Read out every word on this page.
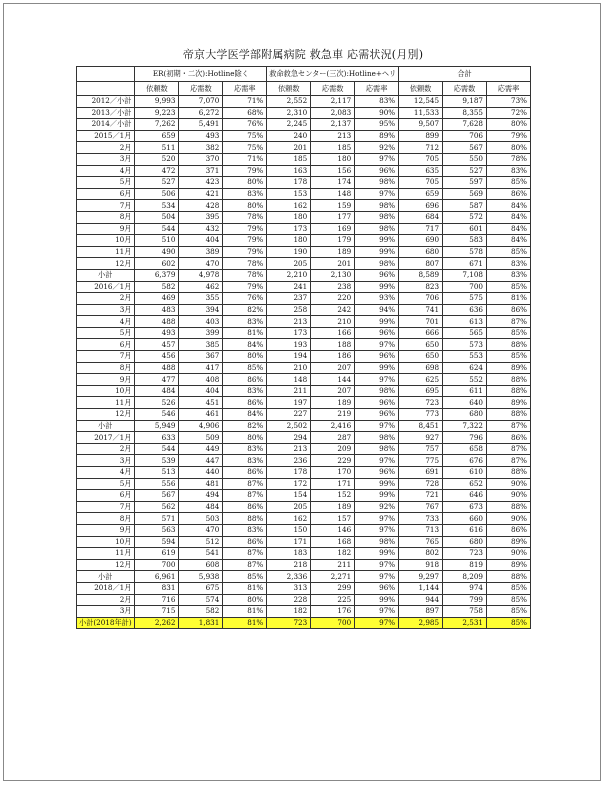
帝京大学医学部附属病院 救急車 応需状況(月別)
	ER(初期・二次):Hotline除く			救命救急センター(三次):Hotline+ヘリ			合計		
	依頼数	応需数	応需率	依頼数	応需数	応需率	依頼数	応需数	応需率
2012／小計	9,993	7,070	71%	2,552	2,117	83%	12,545	9,187	73%
2013／小計	9,223	6,272	68%	2,310	2,083	90%	11,533	8,355	72%
2014／小計	7,262	5,491	76%	2,245	2,137	95%	9,507	7,628	80%
2015／1月	659	493	75%	240	213	89%	899	706	79%
2月	511	382	75%	201	185	92%	712	567	80%
3月	520	370	71%	185	180	97%	705	550	78%
4月	472	371	79%	163	156	96%	635	527	83%
5月	527	423	80%	178	174	98%	705	597	85%
6月	506	421	83%	153	148	97%	659	569	86%
7月	534	428	80%	162	159	98%	696	587	84%
8月	504	395	78%	180	177	98%	684	572	84%
9月	544	432	79%	173	169	98%	717	601	84%
10月	510	404	79%	180	179	99%	690	583	84%
11月	490	389	79%	190	189	99%	680	578	85%
12月	602	470	78%	205	201	98%	807	671	83%
小計	6,379	4,978	78%	2,210	2,130	96%	8,589	7,108	83%
2016／1月	582	462	79%	241	238	99%	823	700	85%
2月	469	355	76%	237	220	93%	706	575	81%
3月	483	394	82%	258	242	94%	741	636	86%
4月	488	403	83%	213	210	99%	701	613	87%
5月	493	399	81%	173	166	96%	666	565	85%
6月	457	385	84%	193	188	97%	650	573	88%
7月	456	367	80%	194	186	96%	650	553	85%
8月	488	417	85%	210	207	99%	698	624	89%
9月	477	408	86%	148	144	97%	625	552	88%
10月	484	404	83%	211	207	98%	695	611	88%
11月	526	451	86%	197	189	96%	723	640	89%
12月	546	461	84%	227	219	96%	773	680	88%
小計	5,949	4,906	82%	2,502	2,416	97%	8,451	7,322	87%
2017／1月	633	509	80%	294	287	98%	927	796	86%
2月	544	449	83%	213	209	98%	757	658	87%
3月	539	447	83%	236	229	97%	775	676	87%
4月	513	440	86%	178	170	96%	691	610	88%
5月	556	481	87%	172	171	99%	728	652	90%
6月	567	494	87%	154	152	99%	721	646	90%
7月	562	484	86%	205	189	92%	767	673	88%
8月	571	503	88%	162	157	97%	733	660	90%
9月	563	470	83%	150	146	97%	713	616	86%
10月	594	512	86%	171	168	98%	765	680	89%
11月	619	541	87%	183	182	99%	802	723	90%
12月	700	608	87%	218	211	97%	918	819	89%
小計	6,961	5,938	85%	2,336	2,271	97%	9,297	8,209	88%
2018／1月	831	675	81%	313	299	96%	1,144	974	85%
2月	716	574	80%	228	225	99%	944	799	85%
3月	715	582	81%	182	176	97%	897	758	85%
小計(2018年計)	2,262	1,831	81%	723	700	97%	2,985	2,531	85%
